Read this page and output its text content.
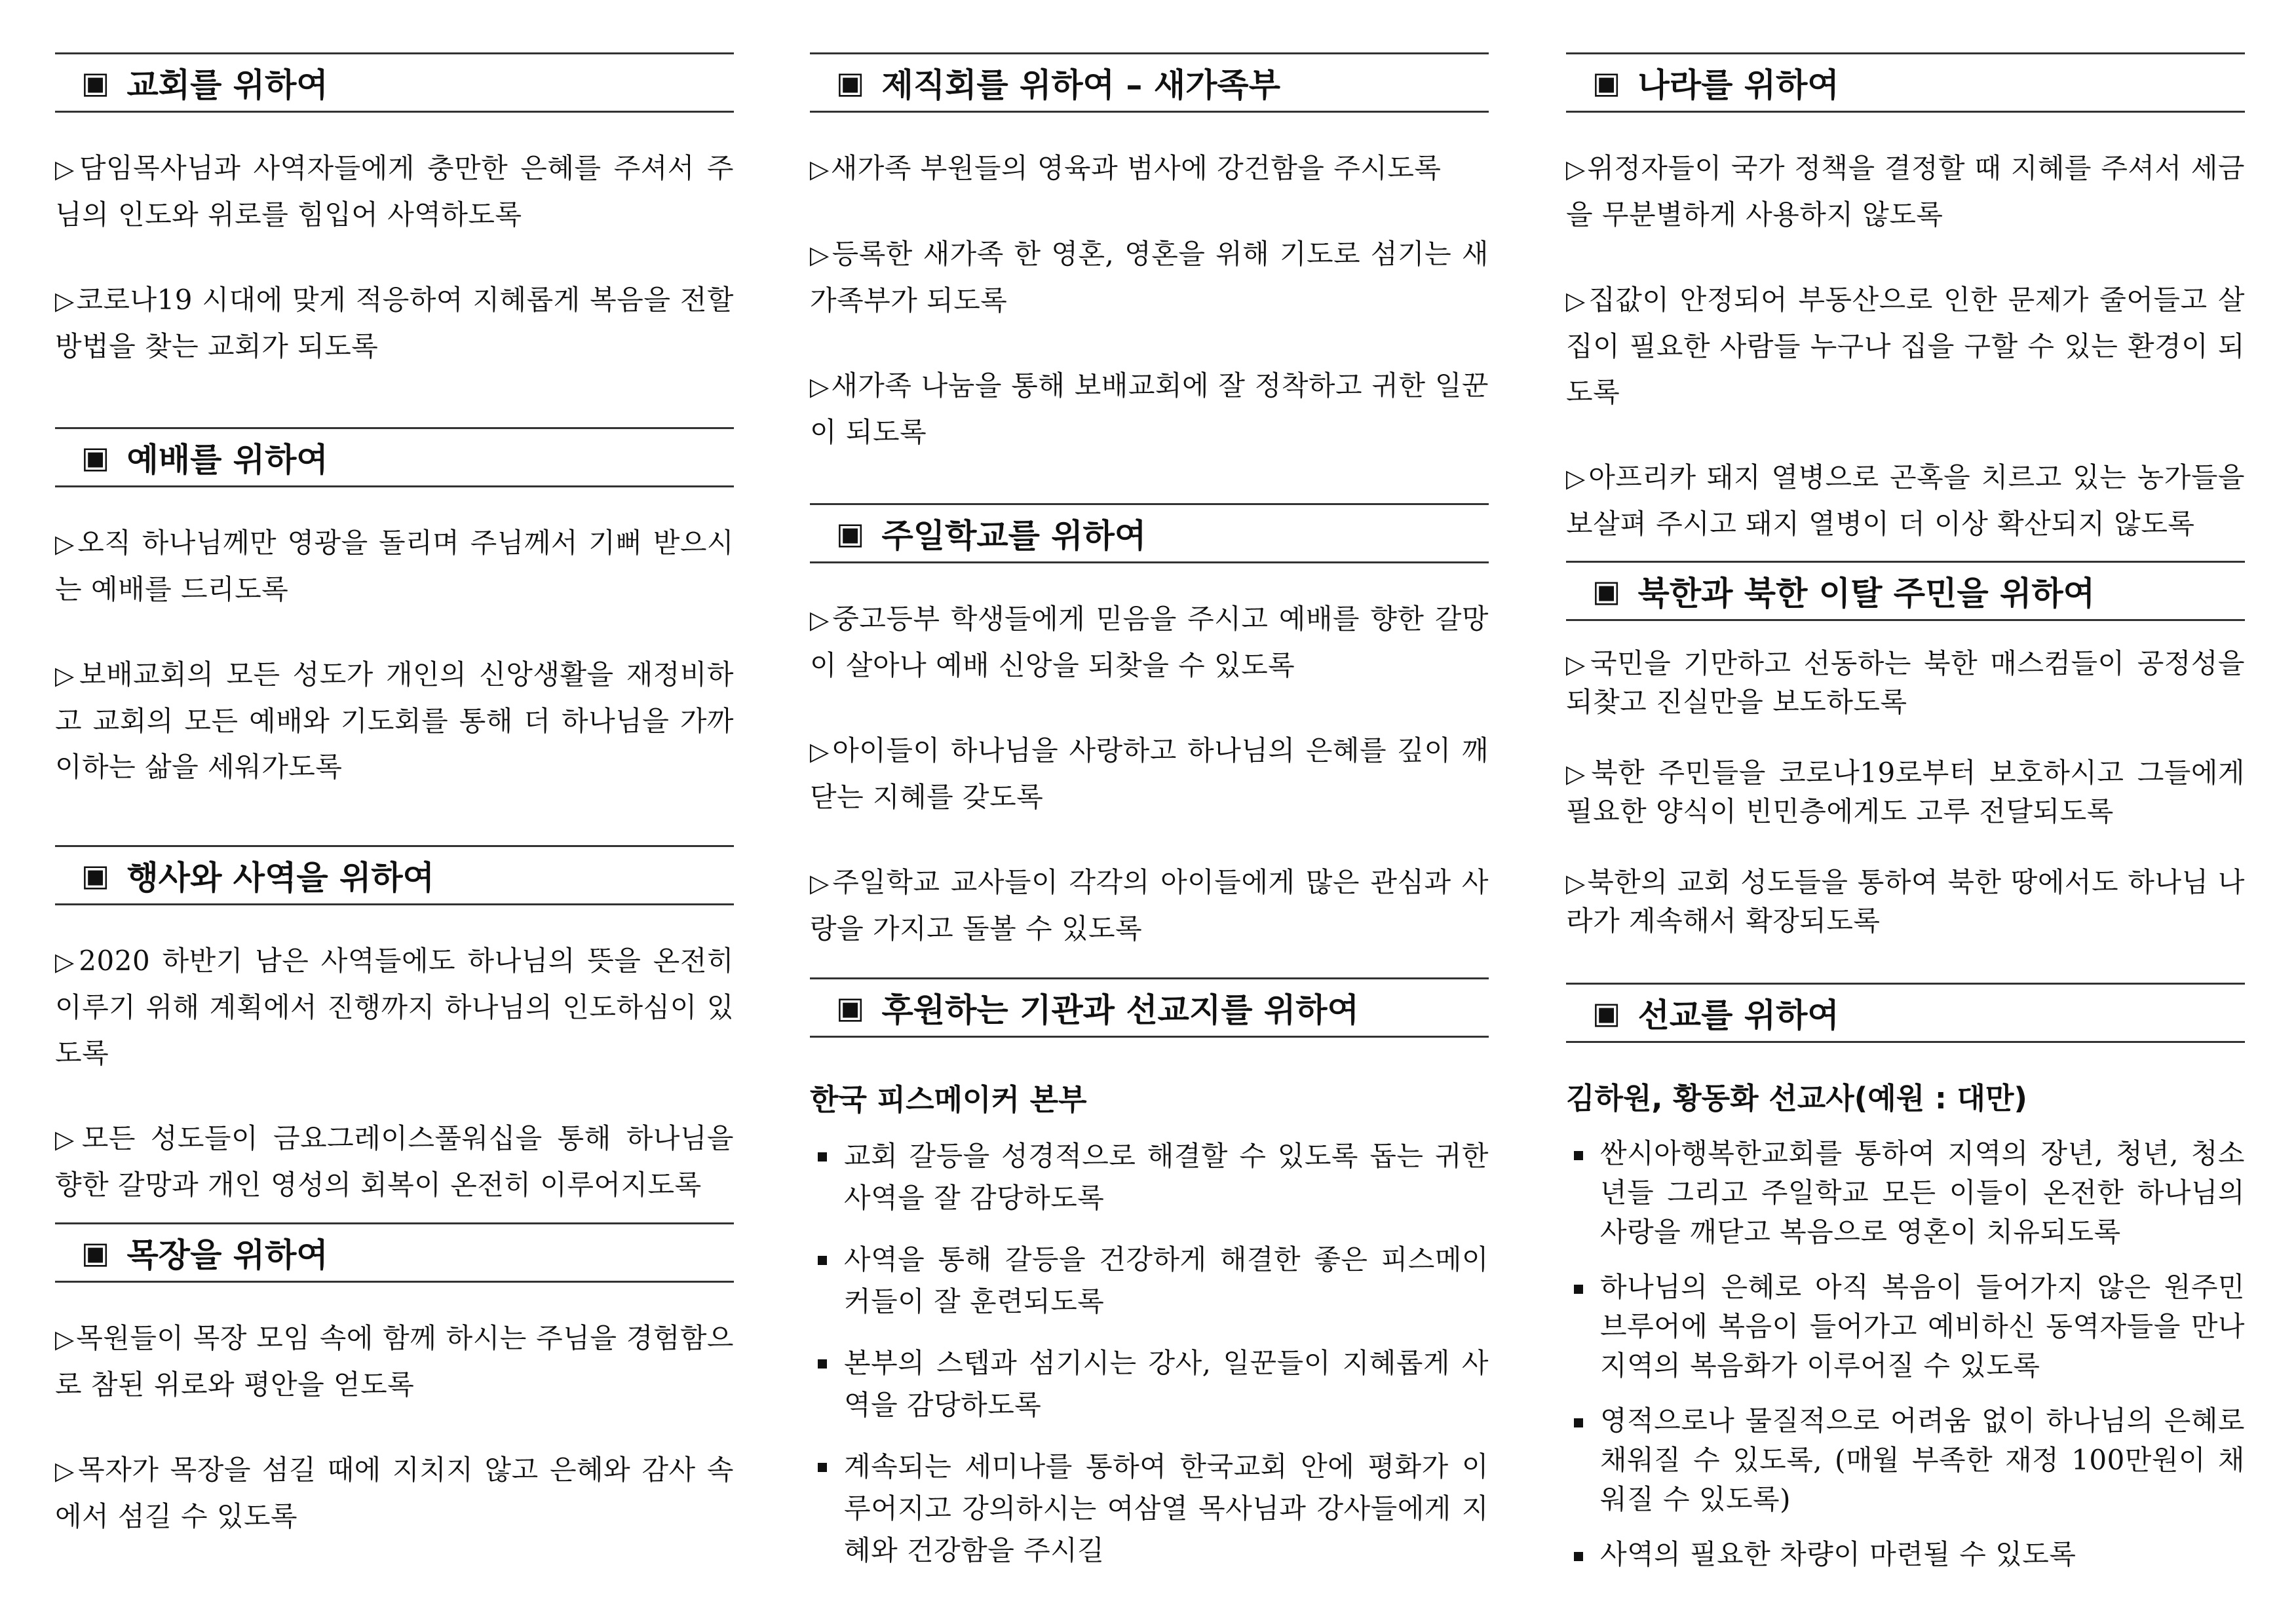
▣ 교회를 위하여

▷담임목사님과 사역자들에게 충만한 은혜를 주셔서 주님의 인도와 위로를 힘입어 사역하도록

▷코로나19 시대에 맞게 적응하여 지혜롭게 복음을 전할 방법을 찾는 교회가 되도록

▣ 예배를 위하여

▷오직 하나님께만 영광을 돌리며 주님께서 기뻐 받으시는 예배를 드리도록

▷보배교회의 모든 성도가 개인의 신앙생활을 재정비하고 교회의 모든 예배와 기도회를 통해 더 하나님을 가까이하는 삶을 세워가도록

▣ 행사와 사역을 위하여

▷2020 하반기 남은 사역들에도 하나님의 뜻을 온전히 이루기 위해 계획에서 진행까지 하나님의 인도하심이 있도록

▷모든 성도들이 금요그레이스풀워십을 통해 하나님을 향한 갈망과 개인 영성의 회복이 온전히 이루어지도록

▣ 목장을 위하여

▷목원들이 목장 모임 속에 함께 하시는 주님을 경험함으로 참된 위로와 평안을 얻도록

▷목자가 목장을 섬길 때에 지치지 않고 은혜와 감사 속에서 섬길 수 있도록

▣ 제직회를 위하여 – 새가족부

▷새가족 부원들의 영육과 범사에 강건함을 주시도록

▷등록한 새가족 한 영혼, 영혼을 위해 기도로 섬기는 새가족부가 되도록

▷새가족 나눔을 통해 보배교회에 잘 정착하고 귀한 일꾼이 되도록

▣ 주일학교를 위하여

▷중고등부 학생들에게 믿음을 주시고 예배를 향한 갈망이 살아나 예배 신앙을 되찾을 수 있도록

▷아이들이 하나님을 사랑하고 하나님의 은혜를 깊이 깨닫는 지혜를 갖도록

▷주일학교 교사들이 각각의 아이들에게 많은 관심과 사랑을 가지고 돌볼 수 있도록

▣ 후원하는 기관과 선교지를 위하여
한국 피스메이커 본부
교회 갈등을 성경적으로 해결할 수 있도록 돕는 귀한 사역을 잘 감당하도록
사역을 통해 갈등을 건강하게 해결한 좋은 피스메이커들이 잘 훈련되도록
본부의 스텝과 섬기시는 강사, 일꾼들이 지혜롭게 사역을 감당하도록
계속되는 세미나를 통하여 한국교회 안에 평화가 이루어지고 강의하시는 여삼열 목사님과 강사들에게 지혜와 건강함을 주시길
▣ 나라를 위하여

▷위정자들이 국가 정책을 결정할 때 지혜를 주셔서 세금을 무분별하게 사용하지 않도록

▷집값이 안정되어 부동산으로 인한 문제가 줄어들고 살집이 필요한 사람들 누구나 집을 구할 수 있는 환경이 되도록

▷아프리카 돼지 열병으로 곤혹을 치르고 있는 농가들을 보살펴 주시고 돼지 열병이 더 이상 확산되지 않도록

▣ 북한과 북한 이탈 주민을 위하여

▷국민을 기만하고 선동하는 북한 매스컴들이 공정성을 되찾고 진실만을 보도하도록

▷북한 주민들을 코로나19로부터 보호하시고 그들에게 필요한 양식이 빈민층에게도 고루 전달되도록

▷북한의 교회 성도들을 통하여 북한 땅에서도 하나님 나라가 계속해서 확장되도록

▣ 선교를 위하여
김하원, 황동화 선교사(예원 : 대만)
싼시아행복한교회를 통하여 지역의 장년, 청년, 청소년들 그리고 주일학교 모든 이들이 온전한 하나님의 사랑을 깨닫고 복음으로 영혼이 치유되도록
하나님의 은혜로 아직 복음이 들어가지 않은 원주민 브루어에 복음이 들어가고 예비하신 동역자들을 만나 지역의 복음화가 이루어질 수 있도록
영적으로나 물질적으로 어려움 없이 하나님의 은혜로 채워질 수 있도록, (매월 부족한 재정 100만원이 채워질 수 있도록)
사역의 필요한 차량이 마련될 수 있도록
